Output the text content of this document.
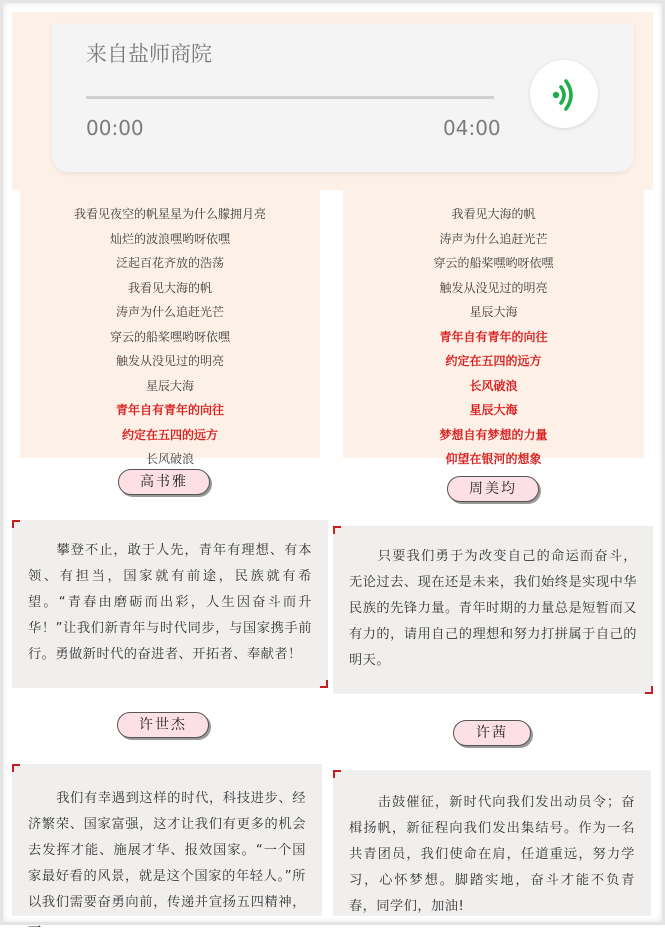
来自盐师商院
00:00	04:00
我看见夜空的帆星星为什么朦拥月亮
灿烂的波浪嘿哟呀依嘿
泛起百花齐放的浩荡
我看见大海的帆
涛声为什么追赶光芒
穿云的船桨嘿哟呀依嘿
触发从没见过的明亮
星辰大海
青年自有青年的向往
约定在五四的远方
长风破浪
我看见大海的帆
涛声为什么追赶光芒
穿云的船桨嘿哟呀依嘿
触发从没见过的明亮
星辰大海
青年自有青年的向往
约定在五四的远方
长风破浪
星辰大海
梦想自有梦想的力量
仰望在银河的想象
高书雅	周美均
攀登不止，敢于人先，青年有理想、有本领、有担当，国家就有前途，民族就有希望。“青春由磨砺而出彩，人生因奋斗而升华！”让我们新青年与时代同步，与国家携手前行。勇做新时代的奋进者、开拓者、奉献者！
只要我们勇于为改变自己的命运而奋斗，无论过去、现在还是未来，我们始终是实现中华民族的先锋力量。青年时期的力量总是短暂而又有力的，请用自己的理想和努力打拼属于自己的明天。
许世杰	许茜
我们有幸遇到这样的时代，科技进步、经济繁荣、国家富强，这才让我们有更多的机会去发挥才能、施展才华、报效国家。“一个国家最好看的风景，就是这个国家的年轻人。”所以我们需要奋勇向前，传递并宣扬五四精神，一
击鼓催征，新时代向我们发出动员令；奋楫扬帆，新征程向我们发出集结号。作为一名共青团员，我们使命在肩，任道重远，努力学习，心怀梦想。脚踏实地，奋斗才能不负青春，同学们，加油!
